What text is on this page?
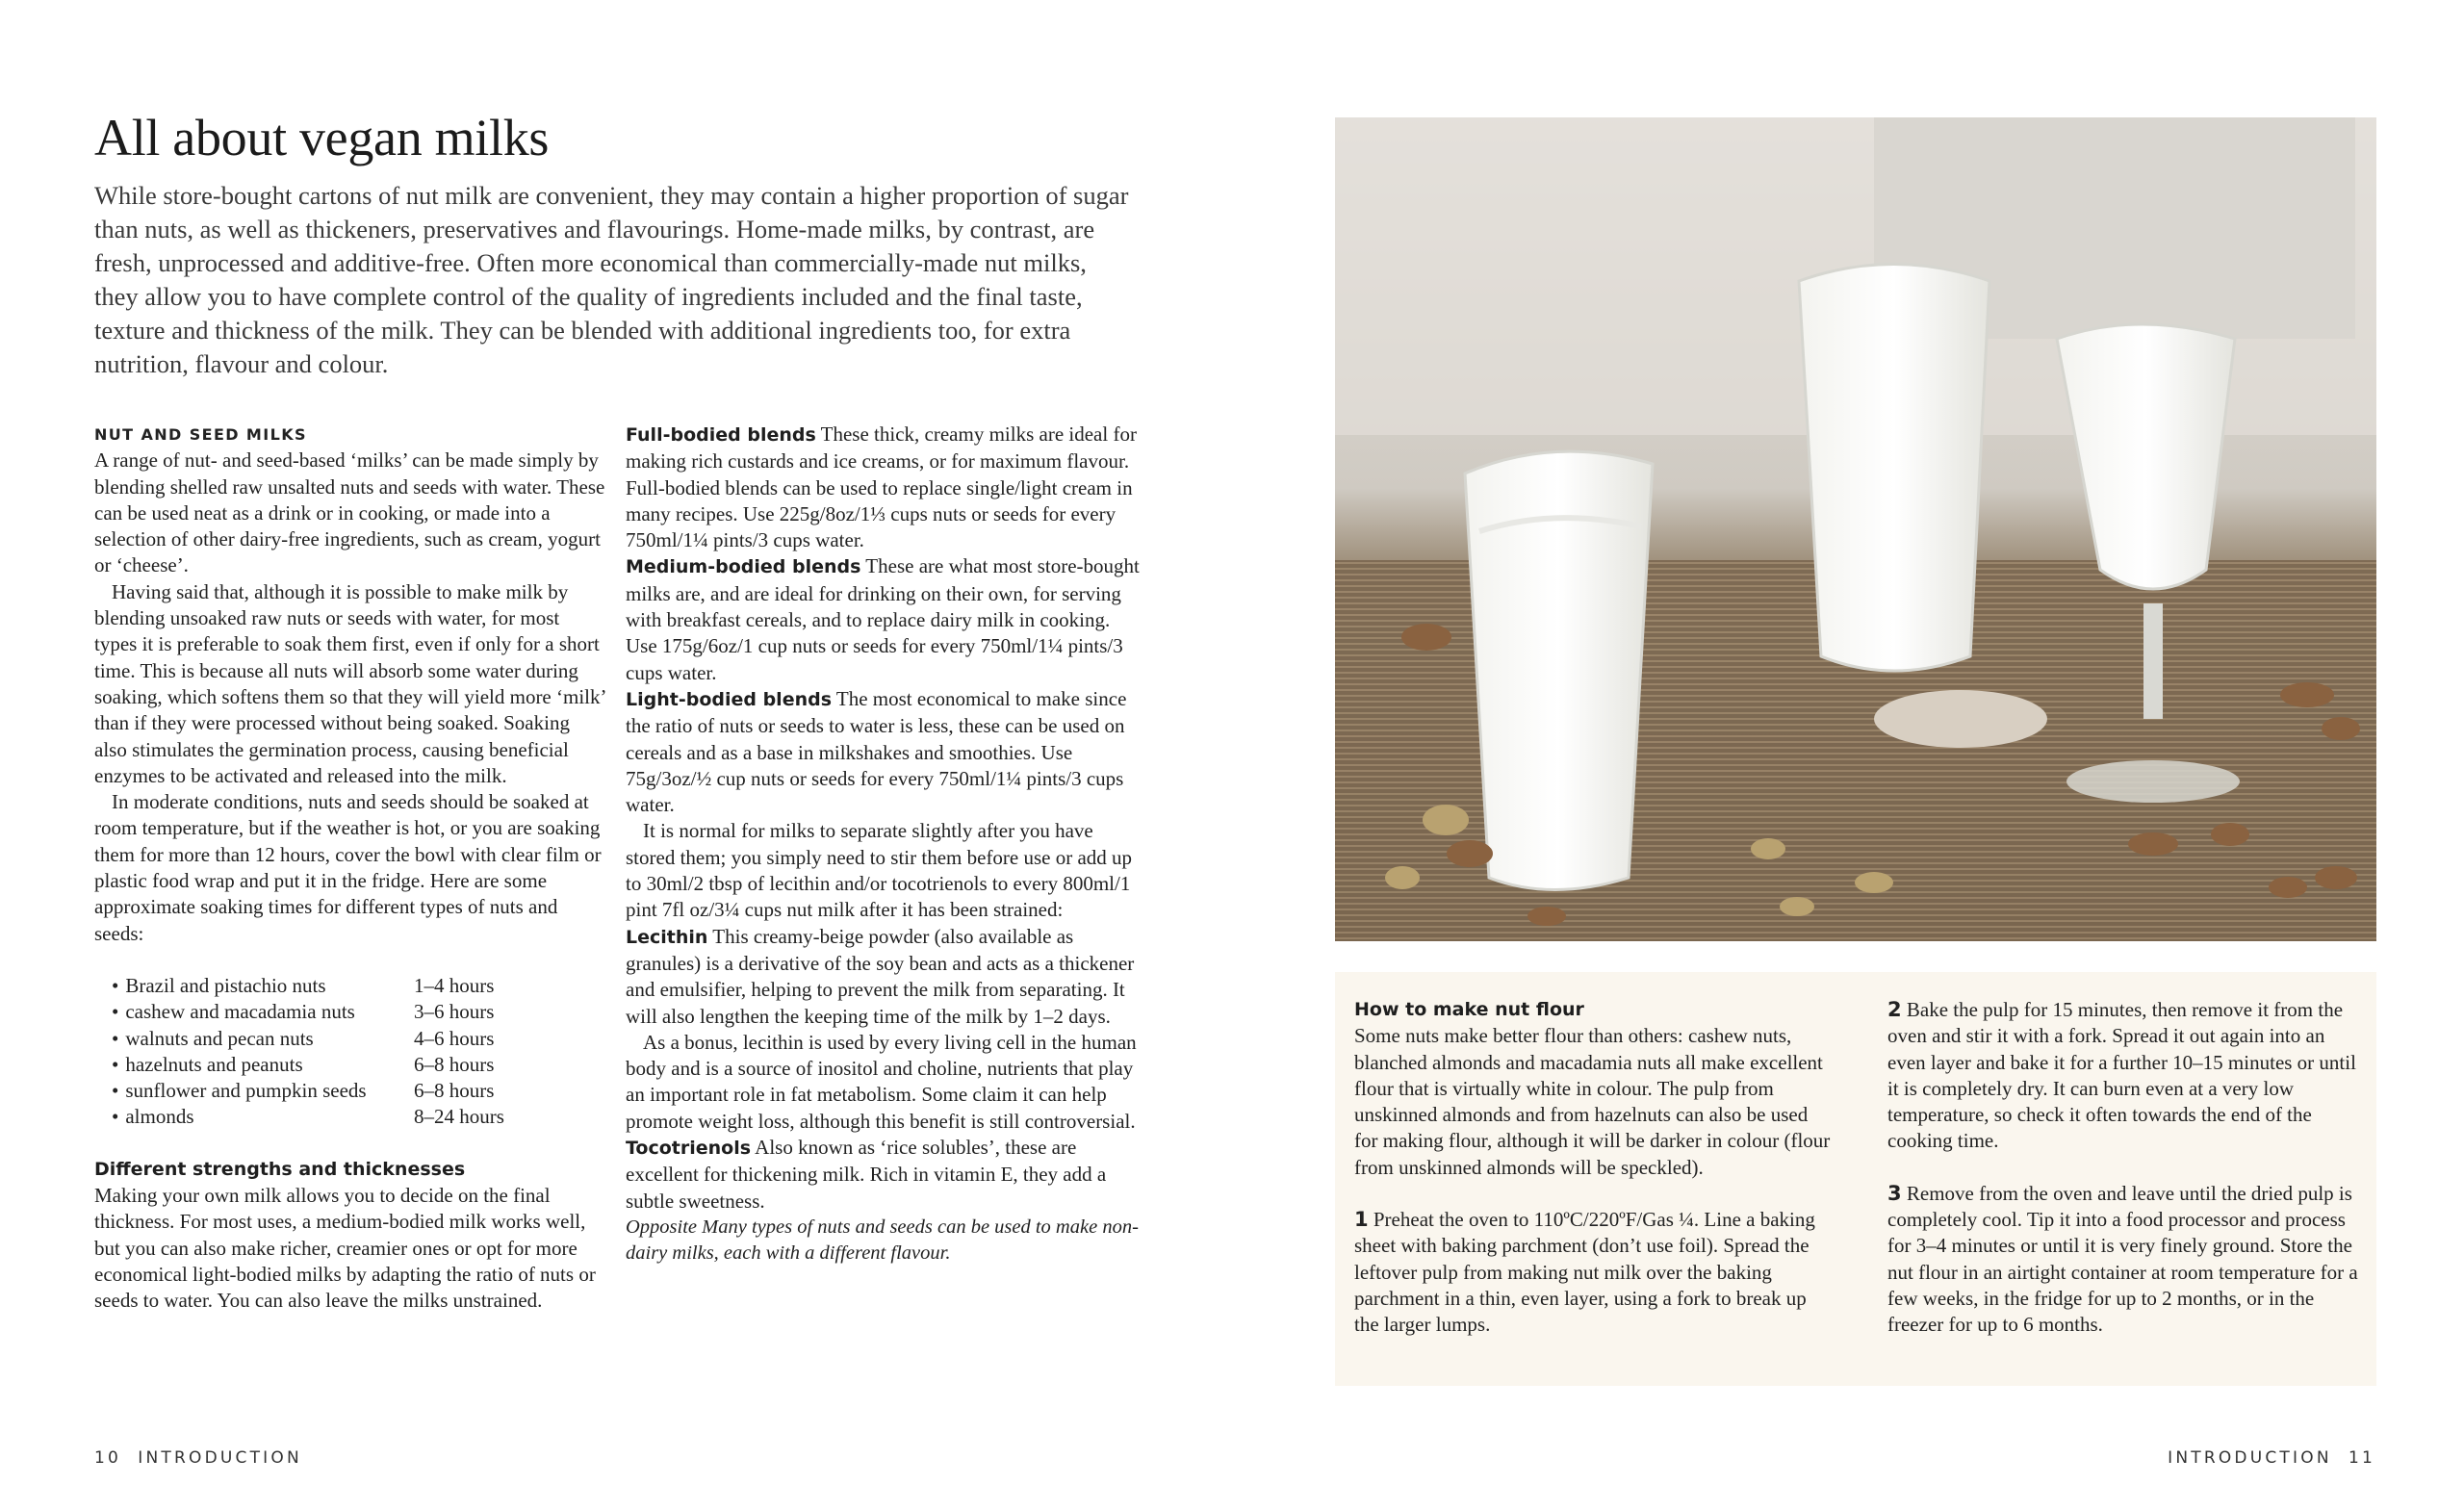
All about vegan milks

While store-bought cartons of nut milk are convenient, they may contain a higher proportion of sugar than nuts, as well as thickeners, preservatives and flavourings. Home-made milks, by contrast, are fresh, unprocessed and additive-free. Often more economical than commercially-made nut milks, they allow you to have complete control of the quality of ingredients included and the final taste, texture and thickness of the milk. They can be blended with additional ingredients too, for extra nutrition, flavour and colour.

NUT AND SEED MILKS

A range of nut- and seed-based ‘milks’ can be made simply by blending shelled raw unsalted nuts and seeds with water. These can be used neat as a drink or in cooking, or made into a selection of other dairy-free ingredients, such as cream, yogurt or ‘cheese’.

Having said that, although it is possible to make milk by blending unsoaked raw nuts or seeds with water, for most types it is preferable to soak them first, even if only for a short time. This is because all nuts will absorb some water during soaking, which softens them so that they will yield more ‘milk’ than if they were processed without being soaked. Soaking also stimulates the germination process, causing beneficial enzymes to be activated and released into the milk.

In moderate conditions, nuts and seeds should be soaked at room temperature, but if the weather is hot, or you are soaking them for more than 12 hours, cover the bowl with clear film or plastic food wrap and put it in the fridge. Here are some approximate soaking times for different types of nuts and seeds:

• Brazil and pistachio nuts	1–4 hours
• cashew and macadamia nuts	3–6 hours
• walnuts and pecan nuts	4–6 hours
• hazelnuts and peanuts	6–8 hours
• sunflower and pumpkin seeds	6–8 hours
• almonds	8–24 hours
Different strengths and thicknesses

Making your own milk allows you to decide on the final thickness. For most uses, a medium-bodied milk works well, but you can also make richer, creamier ones or opt for more economical light-bodied milks by adapting the ratio of nuts or seeds to water. You can also leave the milks unstrained.

Full-bodied blends These thick, creamy milks are ideal for making rich custards and ice creams, or for maximum flavour. Full-bodied blends can be used to replace single/light cream in many recipes. Use 225g/8oz/1⅓ cups nuts or seeds for every 750ml/1¼ pints/3 cups water.

Medium-bodied blends These are what most store-bought milks are, and are ideal for drinking on their own, for serving with breakfast cereals, and to replace dairy milk in cooking. Use 175g/6oz/1 cup nuts or seeds for every 750ml/1¼ pints/3 cups water.

Light-bodied blends The most economical to make since the ratio of nuts or seeds to water is less, these can be used on cereals and as a base in milkshakes and smoothies. Use 75g/3oz/½ cup nuts or seeds for every 750ml/1¼ pints/3 cups water.

It is normal for milks to separate slightly after you have stored them; you simply need to stir them before use or add up to 30ml/2 tbsp of lecithin and/or tocotrienols to every 800ml/1 pint 7fl oz/3¼ cups nut milk after it has been strained:

Lecithin This creamy-beige powder (also available as granules) is a derivative of the soy bean and acts as a thickener and emulsifier, helping to prevent the milk from separating. It will also lengthen the keeping time of the milk by 1–2 days.

As a bonus, lecithin is used by every living cell in the human body and is a source of inositol and choline, nutrients that play an important role in fat metabolism. Some claim it can help promote weight loss, although this benefit is still controversial.

Tocotrienols Also known as ‘rice solubles’, these are excellent for thickening milk. Rich in vitamin E, they add a subtle sweetness.

Opposite Many types of nuts and seeds can be used to make non-dairy milks, each with a different flavour.

How to make nut flour

Some nuts make better flour than others: cashew nuts, blanched almonds and macadamia nuts all make excellent flour that is virtually white in colour. The pulp from unskinned almonds and from hazelnuts can also be used for making flour, although it will be darker in colour (flour from unskinned almonds will be speckled).

1 Preheat the oven to 110ºC/220ºF/Gas ¼. Line a baking sheet with baking parchment (don’t use foil). Spread the leftover pulp from making nut milk over the baking parchment in a thin, even layer, using a fork to break up the larger lumps.

2 Bake the pulp for 15 minutes, then remove it from the oven and stir it with a fork. Spread it out again into an even layer and bake it for a further 10–15 minutes or until it is completely dry. It can burn even at a very low temperature, so check it often towards the end of the cooking time.

3 Remove from the oven and leave until the dried pulp is completely cool. Tip it into a food processor and process for 3–4 minutes or until it is very finely ground. Store the nut flour in an airtight container at room temperature for a few weeks, in the fridge for up to 2 months, or in the freezer for up to 6 months.

10 INTRODUCTION	INTRODUCTION 11
